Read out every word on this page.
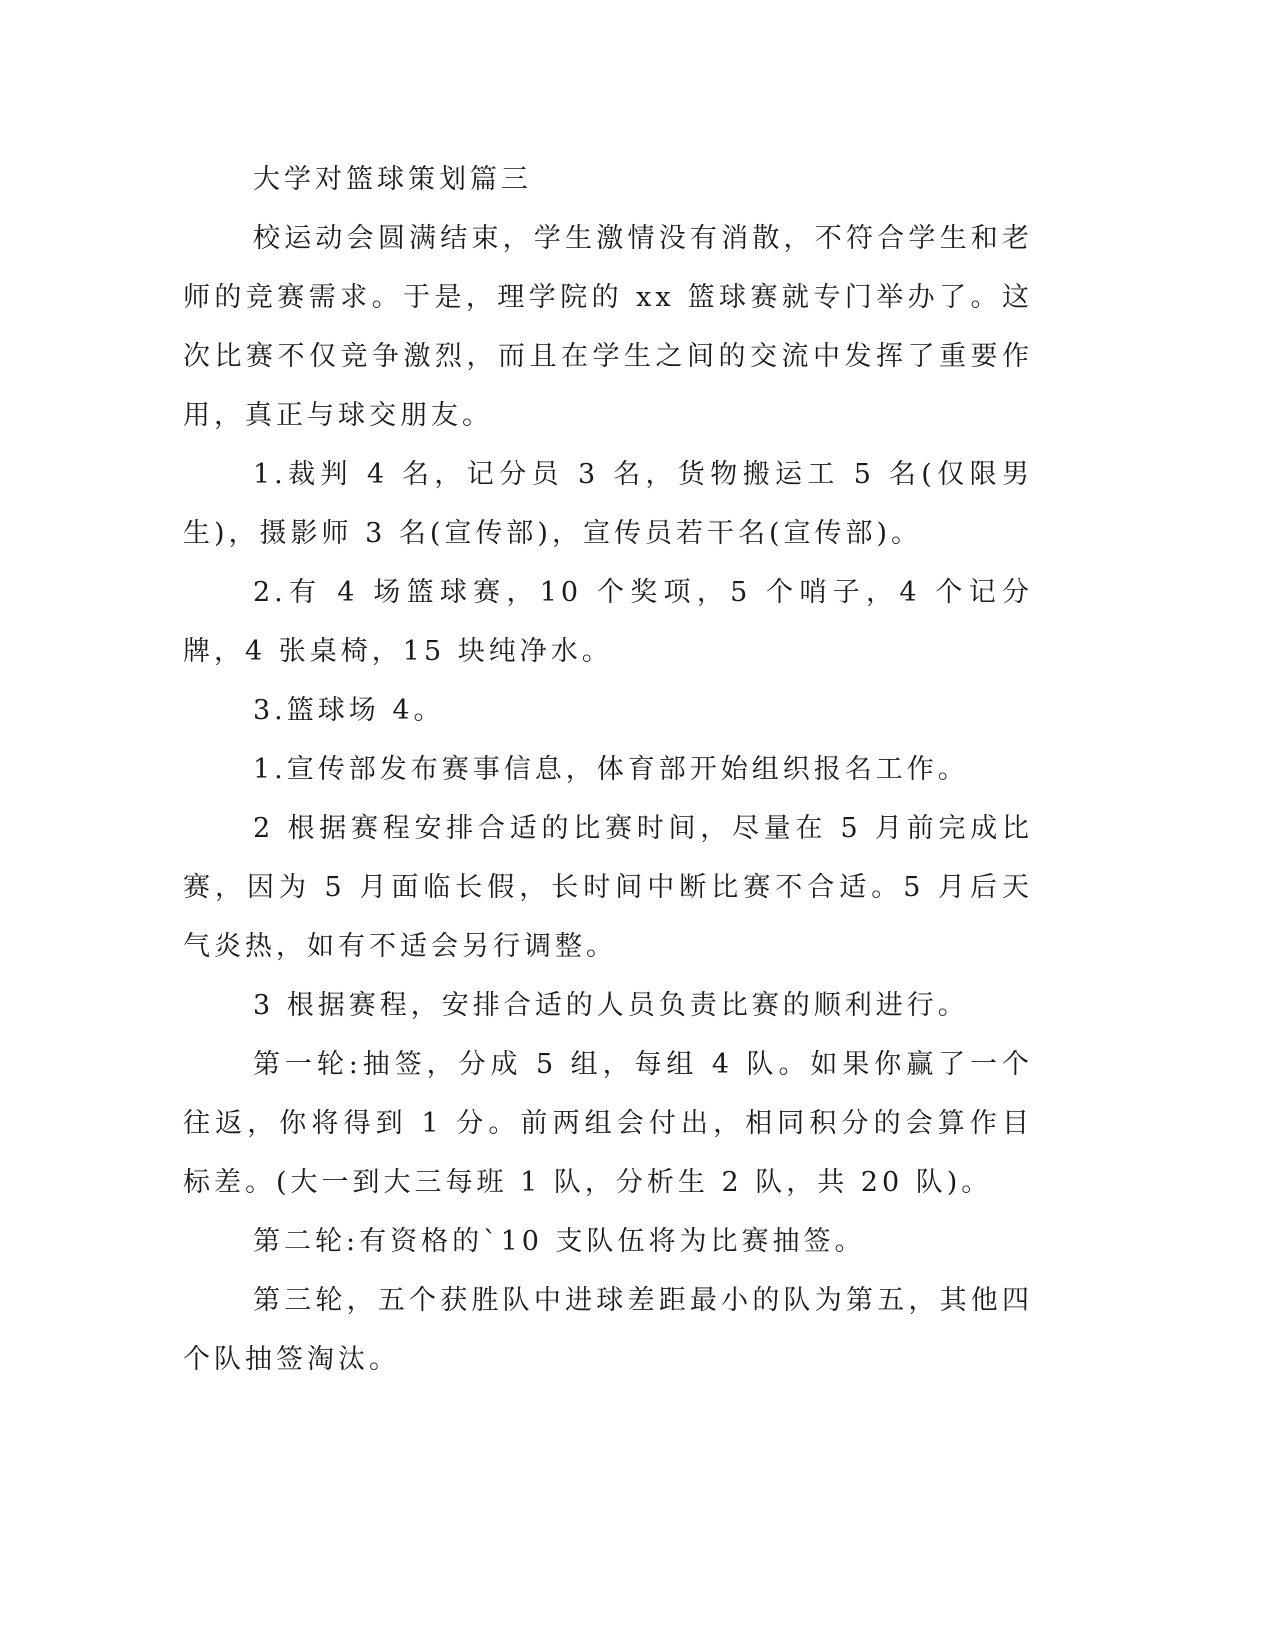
大学对篮球策划篇三

校运动会圆满结束，学生激情没有消散，不符合学生和老师的竞赛需求。于是，理学院的 xx 篮球赛就专门举办了。这次比赛不仅竞争激烈，而且在学生之间的交流中发挥了重要作用，真正与球交朋友。

1.裁判 4 名，记分员 3 名，货物搬运工 5 名(仅限男生)，摄影师 3 名(宣传部)，宣传员若干名(宣传部)。

2.有 4 场篮球赛，10 个奖项，5 个哨子，4 个记分牌，4 张桌椅，15 块纯净水。

3.篮球场 4。

1.宣传部发布赛事信息，体育部开始组织报名工作。

2 根据赛程安排合适的比赛时间，尽量在 5 月前完成比赛，因为 5 月面临长假，长时间中断比赛不合适。5 月后天气炎热，如有不适会另行调整。

3 根据赛程，安排合适的人员负责比赛的顺利进行。

第一轮:抽签，分成 5 组，每组 4 队。如果你赢了一个往返，你将得到 1 分。前两组会付出，相同积分的会算作目标差。(大一到大三每班 1 队，分析生 2 队，共 20 队)。

第二轮:有资格的`10 支队伍将为比赛抽签。

第三轮，五个获胜队中进球差距最小的队为第五，其他四个队抽签淘汰。
